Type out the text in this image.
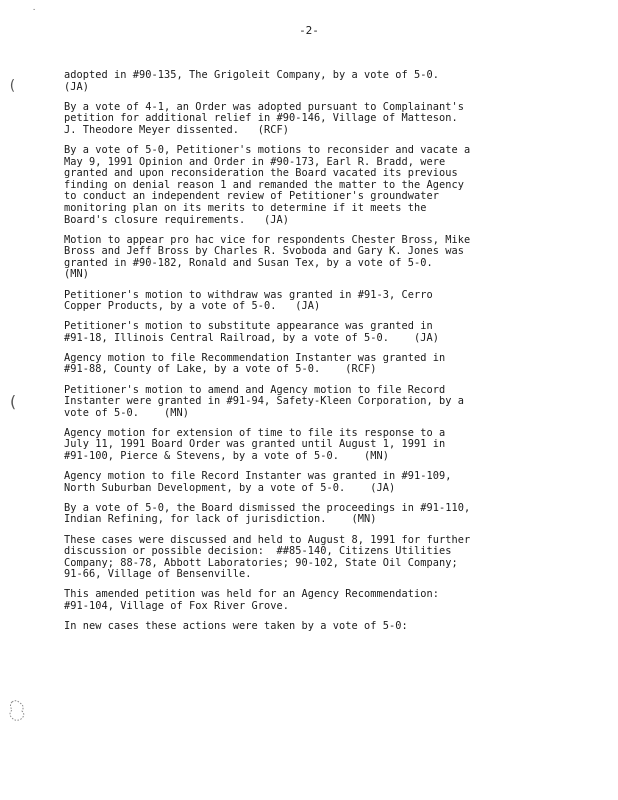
·
(
(
-2-

adopted in #90-135, The Grigoleit Company, by a vote of 5-0.
(JA)

By a vote of 4-1, an Order was adopted pursuant to Complainant's
petition for additional relief in #90-146, Village of Matteson.
J. Theodore Meyer dissented.   (RCF)

By a vote of 5-0, Petitioner's motions to reconsider and vacate a
May 9, 1991 Opinion and Order in #90-173, Earl R. Bradd, were
granted and upon reconsideration the Board vacated its previous
finding on denial reason 1 and remanded the matter to the Agency
to conduct an independent review of Petitioner's groundwater
monitoring plan on its merits to determine if it meets the
Board's closure requirements.   (JA)

Motion to appear pro hac vice for respondents Chester Bross, Mike
Bross and Jeff Bross by Charles R. Svoboda and Gary K. Jones was
granted in #90-182, Ronald and Susan Tex, by a vote of 5-0.
(MN)

Petitioner's motion to withdraw was granted in #91-3, Cerro
Copper Products, by a vote of 5-0.   (JA)

Petitioner's motion to substitute appearance was granted in
#91-18, Illinois Central Railroad, by a vote of 5-0.    (JA)

Agency motion to file Recommendation Instanter was granted in
#91-88, County of Lake, by a vote of 5-0.    (RCF)

Petitioner's motion to amend and Agency motion to file Record
Instanter were granted in #91-94, Safety-Kleen Corporation, by a
vote of 5-0.    (MN)

Agency motion for extension of time to file its response to a
July 11, 1991 Board Order was granted until August 1, 1991 in
#91-100, Pierce & Stevens, by a vote of 5-0.    (MN)

Agency motion to file Record Instanter was granted in #91-109,
North Suburban Development, by a vote of 5-0.    (JA)

By a vote of 5-0, the Board dismissed the proceedings in #91-110,
Indian Refining, for lack of jurisdiction.    (MN)

These cases were discussed and held to August 8, 1991 for further
discussion or possible decision:  ##85-140, Citizens Utilities
Company; 88-78, Abbott Laboratories; 90-102, State Oil Company;
91-66, Village of Bensenville.

This amended petition was held for an Agency Recommendation:
#91-104, Village of Fox River Grove.

In new cases these actions were taken by a vote of 5-0:
